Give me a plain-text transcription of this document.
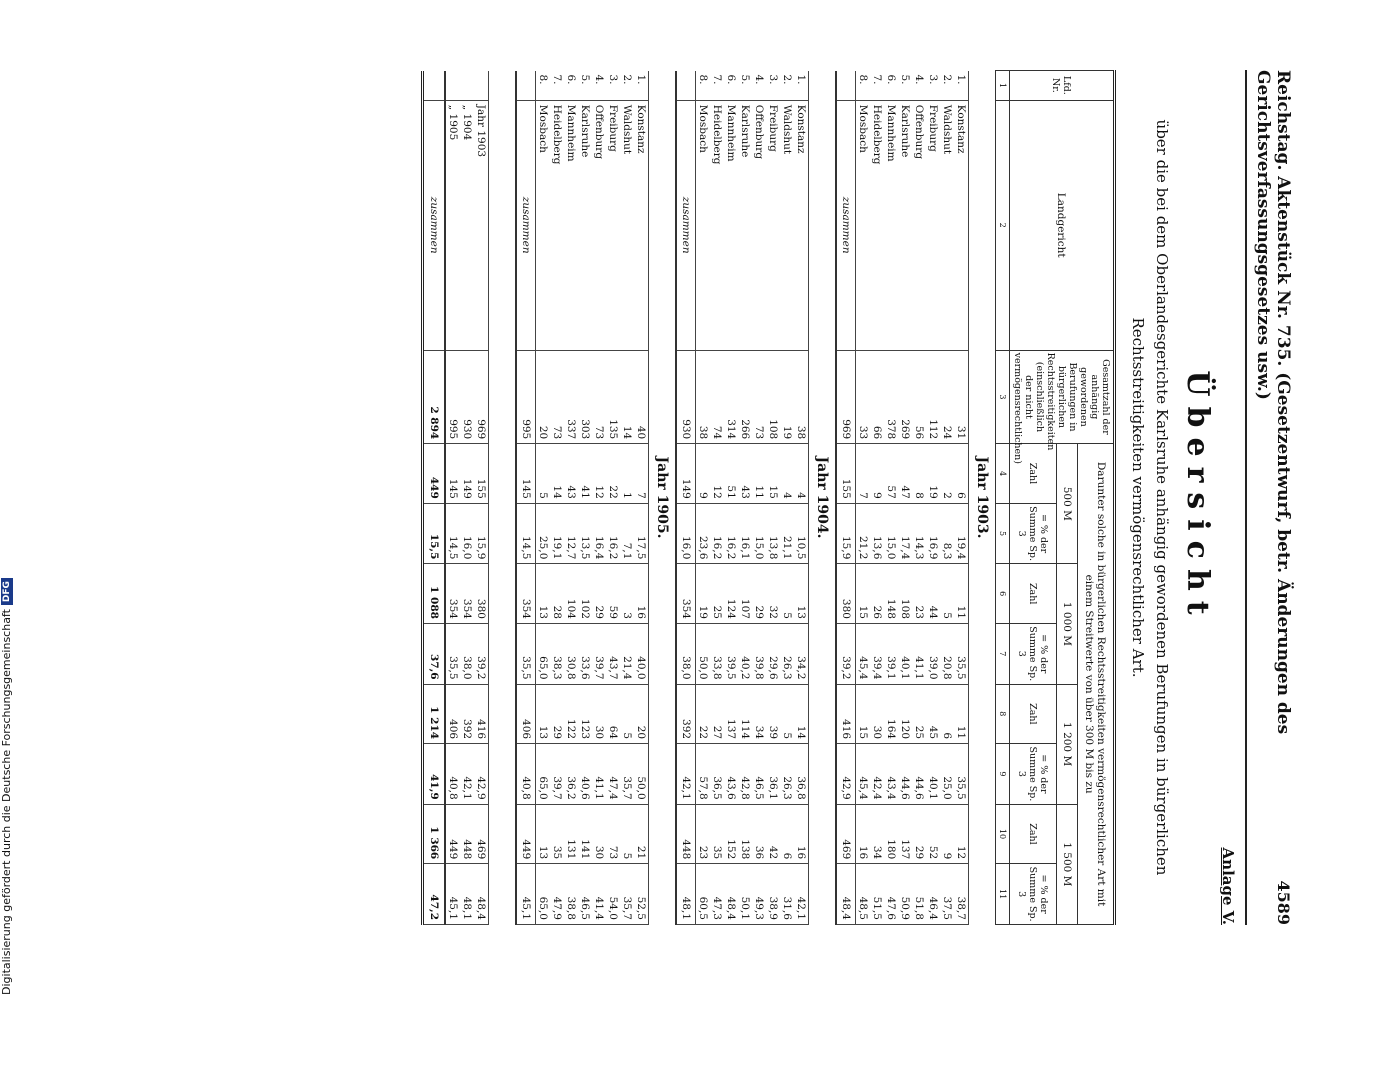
Reichstag. Aktenstück Nr. 735. (Gesetzentwurf, betr. Änderungen des Gerichtsverfassungsgesetzes usw.)
4589
Anlage V.
Übersicht
über die bei dem Oberlandesgerichte Karlsruhe anhängig gewordenen Berufungen in bürgerlichen Rechtsstreitigkeiten vermögensrechtlicher Art.
Lfd. Nr.	Landgericht	Gesamtzahl der anhängig gewordenen Berufungen in bürgerlichen Rechtsstreitigkeiten (einschließlich der nicht vermögensrechtlichen)	Darunter solche in bürgerlichen Rechtsstreitigkeiten vermögensrechtlicher Art mit einem Streitwerte von über 300 M bis zu							
			500 M		1 000 M		1 200 M		1 500 M	
			Zahl	= % der Summe Sp. 3	Zahl	= % der Summe Sp. 3	Zahl	= % der Summe Sp. 3	Zahl	= % der Summe Sp. 3
1	2	3	4	5	6	7	8	9	10	11
Jahr 1903.										
1.	Konstanz	31	6	19,4	11	35,5	11	35,5	12	38,7
2.	Waldshut	24	2	8,3	5	20,8	6	25,0	9	37,5
3.	Freiburg	112	19	16,9	44	39,0	45	40,1	52	46,4
4.	Offenburg	56	8	14,3	23	41,1	25	44,6	29	51,8
5.	Karlsruhe	269	47	17,4	108	40,1	120	44,6	137	50,9
6.	Mannheim	378	57	15,0	148	39,1	164	43,4	180	47,6
7.	Heidelberg	66	9	13,6	26	39,4	30	42,4	34	51,5
8.	Mosbach	33	7	21,2	15	45,4	15	45,4	16	48,5
	zusammen	969	155	15,9	380	39,2	416	42,9	469	48,4
Jahr 1904.										
1.	Konstanz	38	4	10,5	13	34,2	14	36,8	16	42,1
2.	Waldshut	19	4	21,1	5	26,3	5	26,3	6	31,6
3.	Freiburg	108	15	13,8	32	29,6	39	36,1	42	38,9
4.	Offenburg	73	11	15,0	29	39,8	34	46,5	36	49,3
5.	Karlsruhe	266	43	16,1	107	40,2	114	42,8	138	50,1
6.	Mannheim	314	51	16,2	124	39,5	137	43,6	152	48,4
7.	Heidelberg	74	12	16,2	25	33,8	27	36,5	35	47,3
8.	Mosbach	38	9	23,6	19	50,0	22	57,8	23	60,5
	zusammen	930	149	16,0	354	38,0	392	42,1	448	48,1
Jahr 1905.										
1.	Konstanz	40	7	17,5	16	40,0	20	50,0	21	52,5
2.	Waldshut	14	1	7,1	3	21,4	5	35,7	5	35,7
3.	Freiburg	135	22	16,2	59	43,7	64	47,4	73	54,0
4.	Offenburg	73	12	16,4	29	39,7	30	41,1	30	41,4
5.	Karlsruhe	303	41	13,5	102	33,6	123	40,6	141	46,5
6.	Mannheim	337	43	12,7	104	30,8	122	36,2	131	38,8
7.	Heidelberg	73	14	19,1	28	38,3	29	39,7	35	47,9
8.	Mosbach	20	5	25,0	13	65,0	13	65,0	13	65,0
	zusammen	995	145	14,5	354	35,5	406	40,8	449	45,1

	Jahr 1903	969	155	15,9	380	39,2	416	42,9	469	48,4
	„ 1904	930	149	16,0	354	38,0	392	42,1	448	48,1
	„ 1905	995	145	14,5	354	35,5	406	40,8	449	45,1
	zusammen	2 894	449	15,5	1 088	37,6	1 214	41,9	1 366	47,2
Digitalisierung gefördert durch die Deutsche Forschungsgemeinschaft
DFG
